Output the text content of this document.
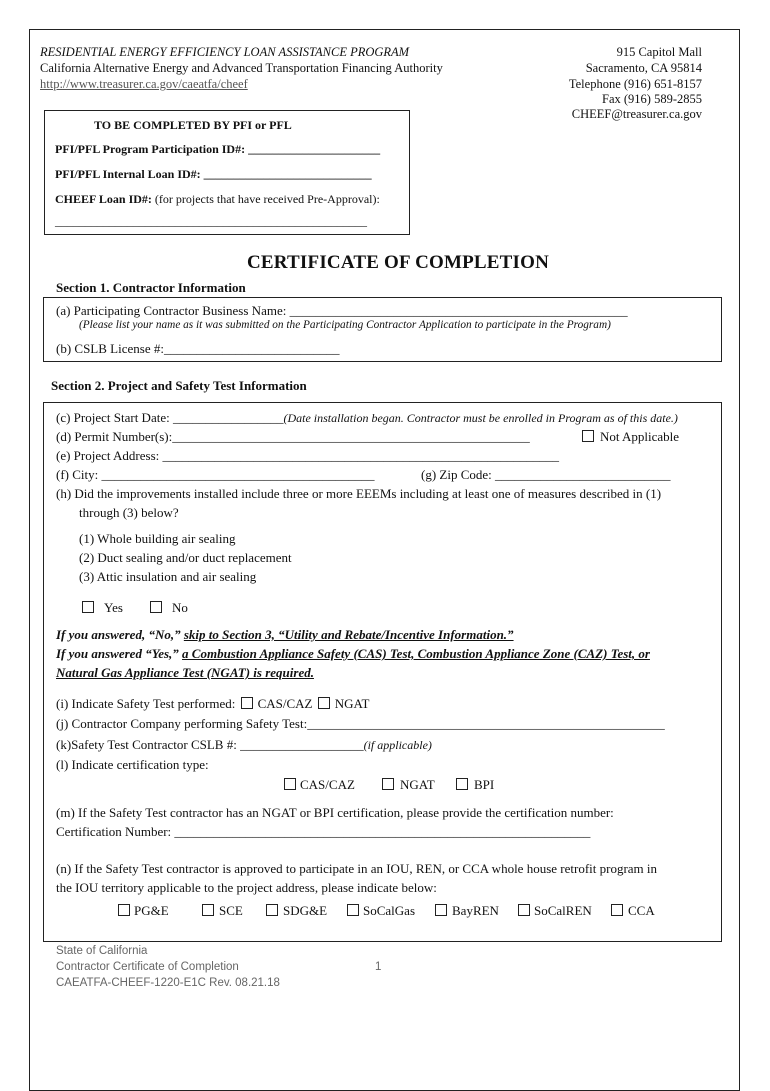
RESIDENTIAL ENERGY EFFICIENCY LOAN ASSISTANCE PROGRAM
California Alternative Energy and Advanced Transportation Financing Authority
http://www.treasurer.ca.gov/caeatfa/cheef
915 Capitol Mall
Sacramento, CA 95814
Telephone (916) 651-8157
Fax (916) 589-2855
CHEEF@treasurer.ca.gov
TO BE COMPLETED BY PFI or PFL
PFI/PFL Program Participation ID#: ______________________
PFI/PFL Internal Loan ID#: ____________________________
CHEEF Loan ID#: (for projects that have received Pre-Approval):
____________________________________________________
CERTIFICATE OF COMPLETION
Section 1. Contractor Information
(a) Participating Contractor Business Name: ____________________________________________________
(Please list your name as it was submitted on the Participating Contractor Application to participate in the Program)
(b) CSLB License #:___________________________
Section 2. Project and Safety Test Information
(c) Project Start Date: _________________(Date installation began. Contractor must be enrolled in Program as of this date.)
(d) Permit Number(s):_______________________________________________________	Not Applicable
(e) Project Address: _____________________________________________________________
(f) City: __________________________________________	(g) Zip Code: ___________________________
(h) Did the improvements installed include three or more EEEMs including at least one of measures described in (1)
through (3) below?
(1) Whole building air sealing
(2) Duct sealing and/or duct replacement
(3) Attic insulation and air sealing
Yes	No
If you answered, “No,” skip to Section 3, “Utility and Rebate/Incentive Information.”
If you answered “Yes,” a Combustion Appliance Safety (CAS) Test, Combustion Appliance Zone (CAZ) Test, or
Natural Gas Appliance Test (NGAT) is required.
(i) Indicate Safety Test performed: CAS/CAZ NGAT
(j) Contractor Company performing Safety Test:_______________________________________________________
(k)Safety Test Contractor CSLB #: ___________________(if applicable)
(l) Indicate certification type:
CAS/CAZ	NGAT	BPI
(m) If the Safety Test contractor has an NGAT or BPI certification, please provide the certification number:
Certification Number: ________________________________________________________________
(n) If the Safety Test contractor is approved to participate in an IOU, REN, or CCA whole house retrofit program in
the IOU territory applicable to the project address, please indicate below:
PG&E	SCE	SDG&E	SoCalGas	BayREN	SoCalREN	CCA
State of California
Contractor Certificate of Completion	1
CAEATFA-CHEEF-1220-E1C Rev. 08.21.18
